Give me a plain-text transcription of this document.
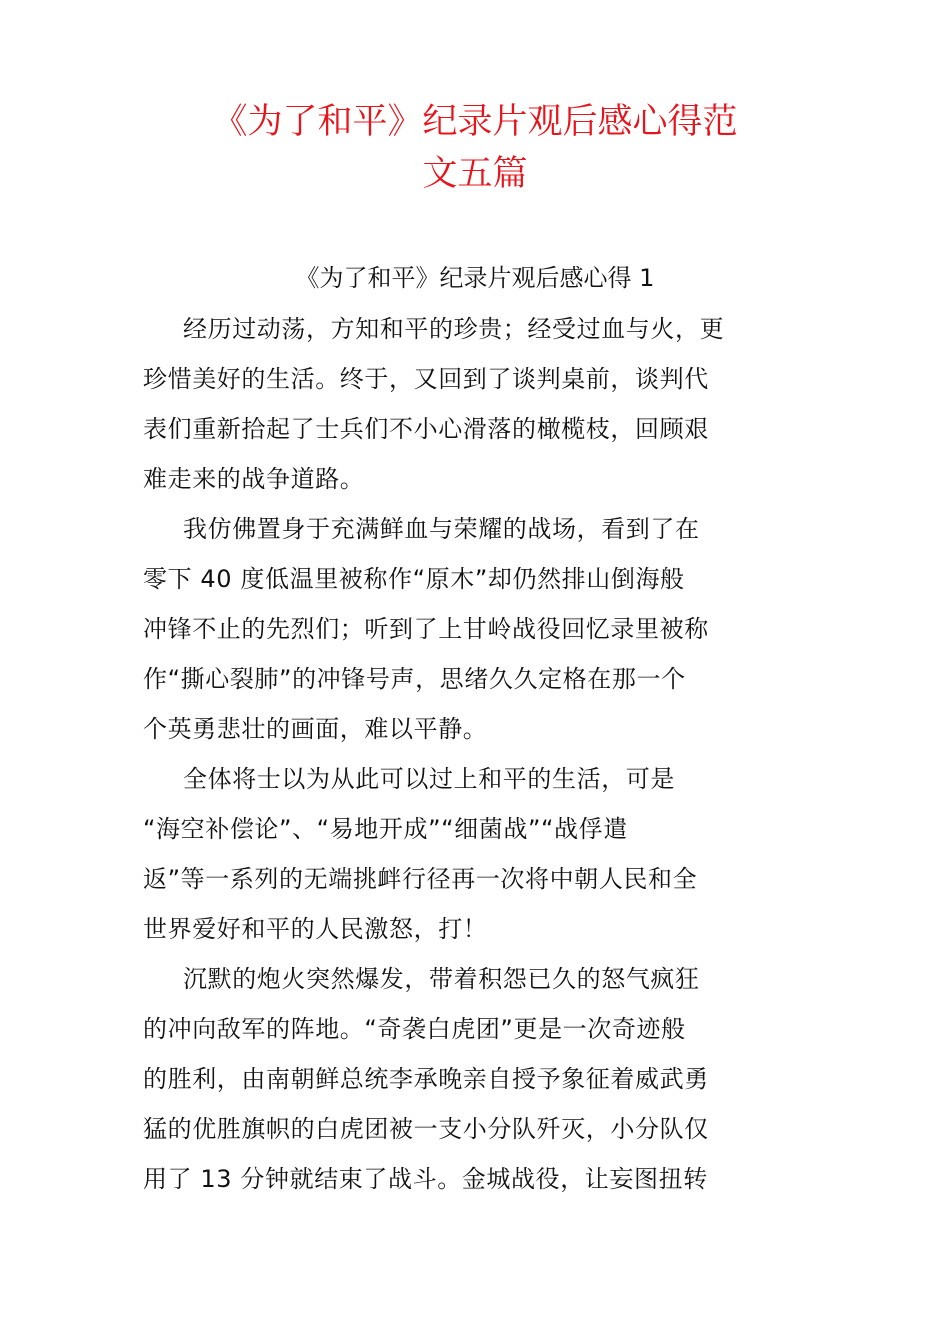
《为了和平》纪录片观后感心得范
文五篇
《为了和平》纪录片观后感心得 1
经历过动荡，方知和平的珍贵；经受过血与火，更
珍惜美好的生活。终于，又回到了谈判桌前，谈判代
表们重新拾起了士兵们不小心滑落的橄榄枝，回顾艰
难走来的战争道路。
我仿佛置身于充满鲜血与荣耀的战场，看到了在
零下 40 度低温里被称作“原木”却仍然排山倒海般
冲锋不止的先烈们；听到了上甘岭战役回忆录里被称
作“撕心裂肺”的冲锋号声，思绪久久定格在那一个
个英勇悲壮的画面，难以平静。
全体将士以为从此可以过上和平的生活，可是
“海空补偿论”、“易地开成”“细菌战”“战俘遣
返”等一系列的无端挑衅行径再一次将中朝人民和全
世界爱好和平的人民激怒，打！
沉默的炮火突然爆发，带着积怨已久的怒气疯狂
的冲向敌军的阵地。“奇袭白虎团”更是一次奇迹般
的胜利，由南朝鲜总统李承晚亲自授予象征着威武勇
猛的优胜旗帜的白虎团被一支小分队歼灭，小分队仅
用了 13 分钟就结束了战斗。金城战役，让妄图扭转
